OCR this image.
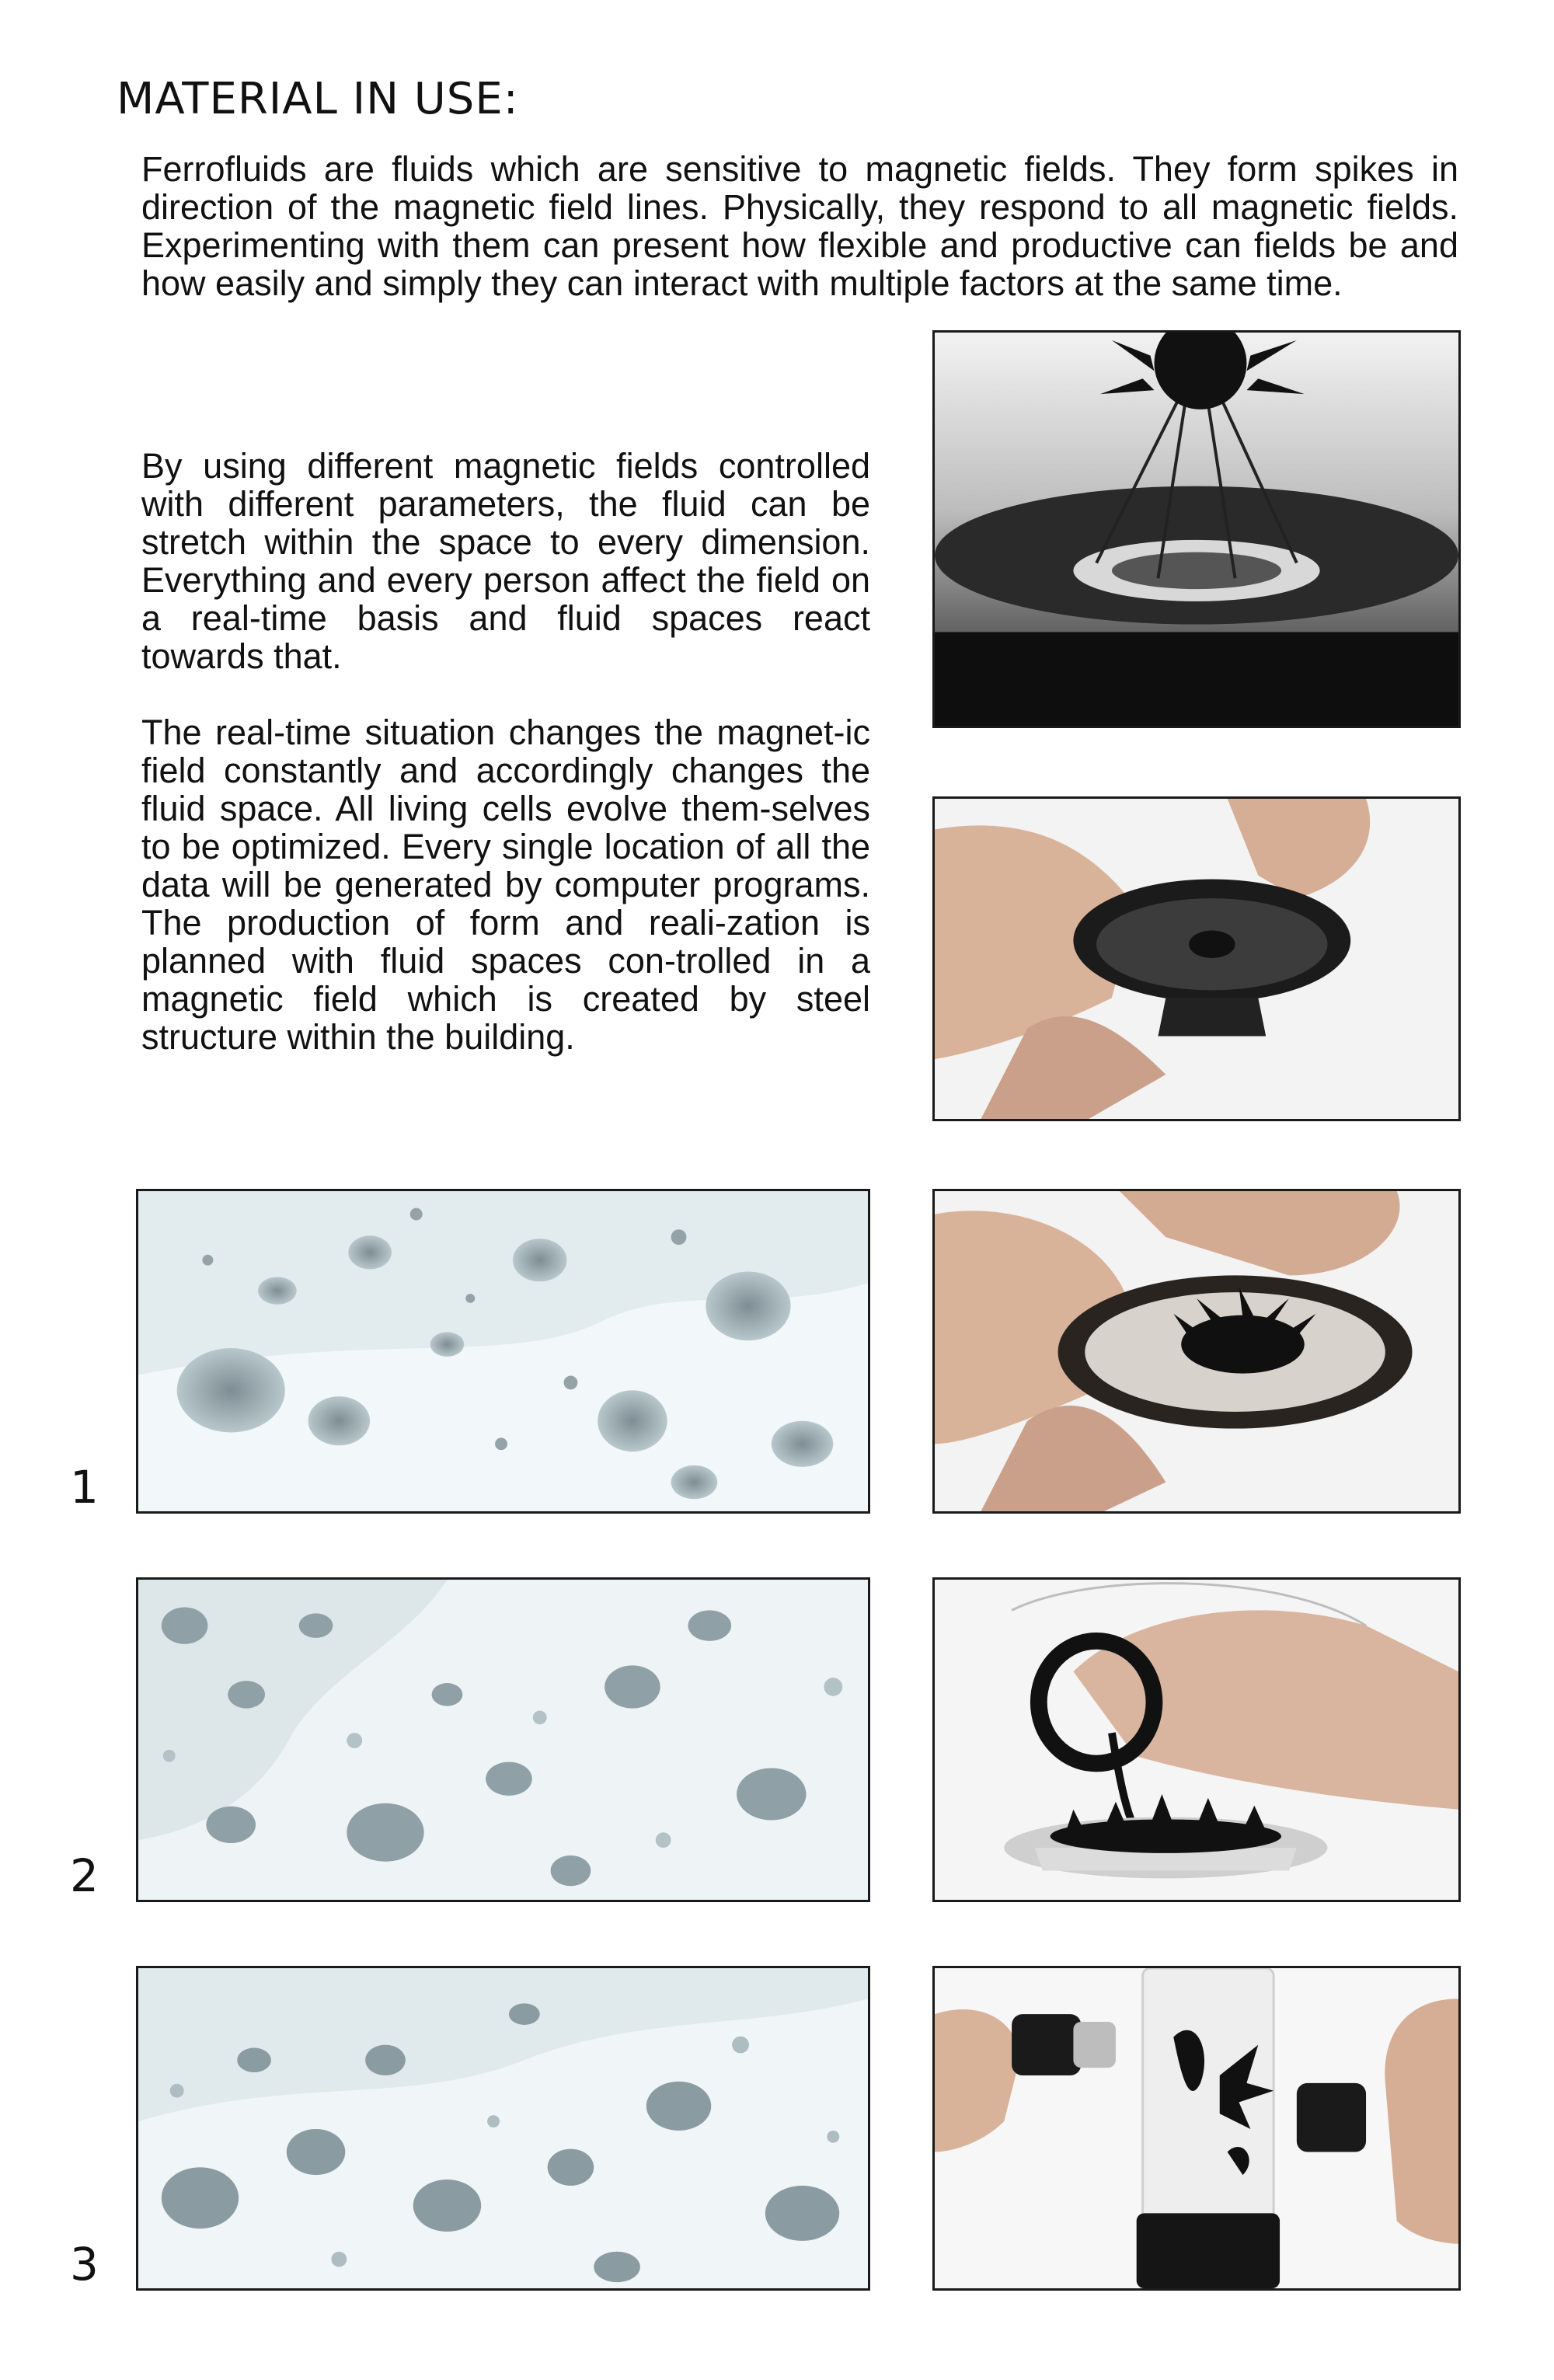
MATERIAL IN USE:

Ferrofluids are fluids which are sensitive to magnetic fields. They form spikes in direction of the magnetic field lines. Physically, they respond to all magnetic fields. Experimenting with them can present how flexible and productive can fields be and how easily and simply they can interact with multiple factors at the same time.

By using different magnetic fields controlled with different parameters, the fluid can be stretch within the space to every dimension. Everything and every person affect the field on a real-time basis and fluid spaces react towards that.

The real-time situation changes the magnet-ic field constantly and accordingly changes the fluid space. All living cells evolve them-selves to be optimized. Every single location of all the data will be generated by computer programs. The production of form and reali-zation is planned with fluid spaces con-trolled in a magnetic field which is created by steel structure within the building.

1
2
3
